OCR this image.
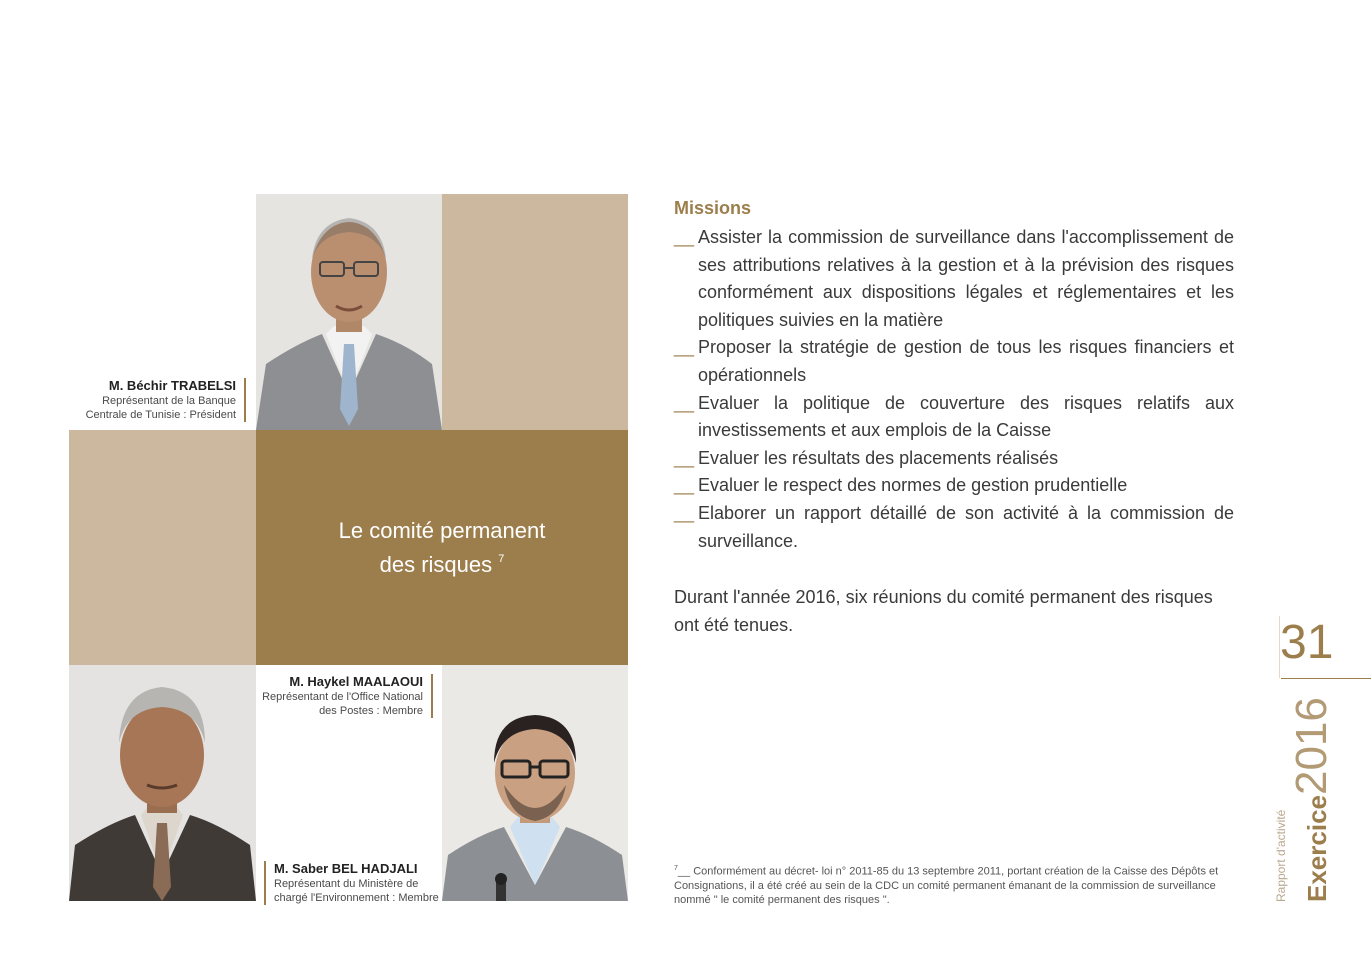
M. Béchir TRABELSI
Représentant de la Banque
Centrale de Tunisie : Président
M. Haykel MAALAOUI
Représentant de l'Office National
des Postes : Membre
M. Saber BEL HADJALI
Représentant du Ministère de
chargé l'Environnement : Membre
Le comité permanent
des risques $^7$
Missions
__ Assister la commission de surveillance dans l'accomplissement de ses attributions relatives à la gestion et à la prévision des risques conformément aux dispositions légales et réglementaires et les politiques suivies en la matière
__ Proposer la stratégie de gestion de tous les risques financiers et opérationnels
__ Evaluer la politique de couverture des risques relatifs aux investissements et aux emplois de la Caisse
__ Evaluer les résultats des placements réalisés
__ Evaluer le respect des normes de gestion prudentielle
__ Elaborer un rapport détaillé de son activité à la commission de surveillance.

Durant l'année 2016, six réunions du comité permanent des risques ont été tenues.

$^7$__ Conformément au décret- loi n° 2011-85 du 13 septembre 2011, portant création de la Caisse des Dépôts et Consignations, il a été créé au sein de la CDC un comité permanent émanant de la commission de surveillance nommé " le comité permanent des risques ".

31
Exercice2016
Rapport d'activité
